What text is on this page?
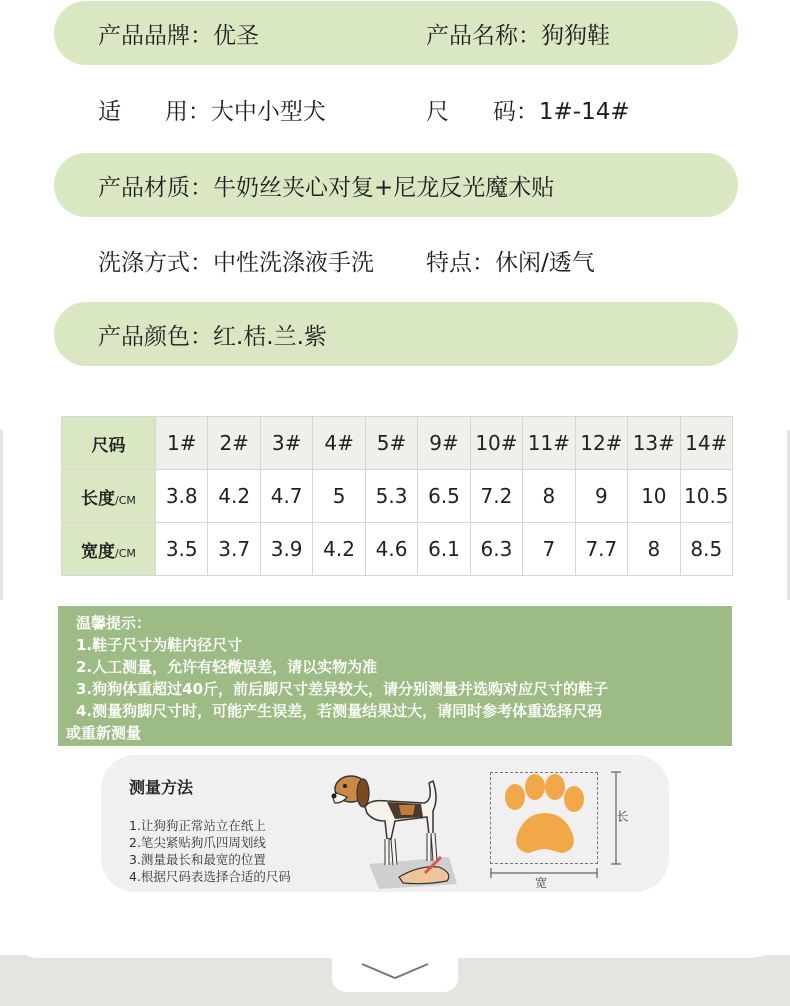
产品品牌：优圣	产品名称：狗狗鞋
适      用：大中小型犬	尺      码：1#-14#
产品材质：牛奶丝夹心对复+尼龙反光魔术贴
洗涤方式：中性洗涤液手洗 特点：休闲/透气
产品颜色：红.桔.兰.紫
尺码	1#	2#	3#	4#	5#	9#	10#	11#	12#	13#	14#
长度/CM	3.8	4.2	4.7	5	5.3	6.5	7.2	8	9	10	10.5
宽度/CM	3.5	3.7	3.9	4.2	4.6	6.1	6.3	7	7.7	8	8.5
温馨提示：
1.鞋子尺寸为鞋内径尺寸
2.人工测量，允许有轻微误差，请以实物为准
3.狗狗体重超过40斤，前后脚尺寸差异较大，请分别测量并选购对应尺寸的鞋子
4.测量狗脚尺寸时，可能产生误差，若测量结果过大，请同时参考体重选择尺码
或重新测量
测量方法
1.让狗狗正常站立在纸上
2.笔尖紧贴狗爪四周划线
3.测量最长和最宽的位置
4.根据尺码表选择合适的尺码
长
宽
